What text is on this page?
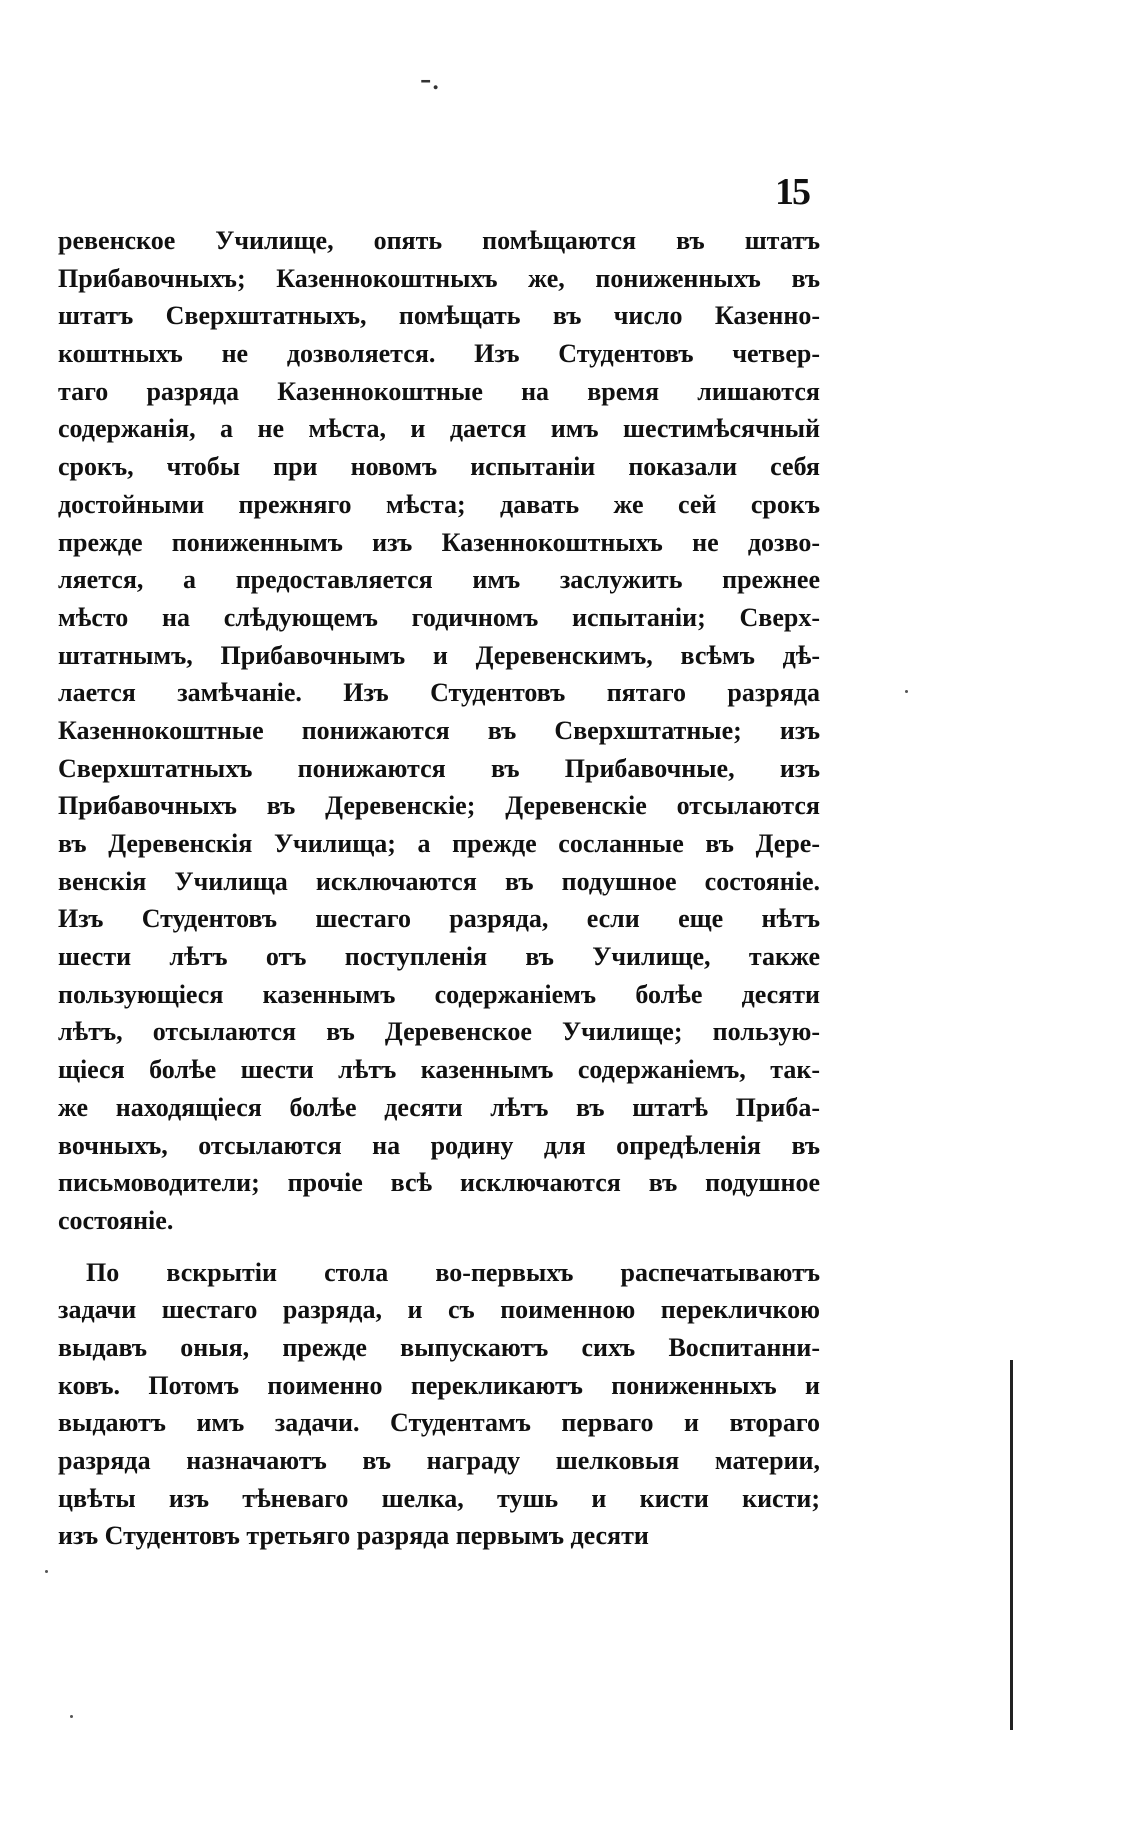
-.
15
ревенское Училище, опять помѣщаются въ штатъ
Прибавочныхъ; Казеннокоштныхъ же, пониженныхъ въ
штатъ Сверхштатныхъ, помѣщать въ число Казенно-
коштныхъ не дозволяется. Изъ Студентовъ четвер-
таго разряда Казеннокоштные на время лишаются
содержанія, а не мѣста, и дается имъ шестимѣсячный
срокъ, чтобы при новомъ испытаніи показали себя
достойными прежняго мѣста; давать же сей срокъ
прежде пониженнымъ изъ Казеннокоштныхъ не дозво-
ляется, а предоставляется имъ заслужить прежнее
мѣсто на слѣдующемъ годичномъ испытаніи; Сверх-
штатнымъ, Прибавочнымъ и Деревенскимъ, всѣмъ дѣ-
лается замѣчаніе. Изъ Студентовъ пятаго разряда
Казеннокоштные понижаются въ Сверхштатные; изъ
Сверхштатныхъ понижаются въ Прибавочные, изъ
Прибавочныхъ въ Деревенскіе; Деревенскіе отсылаются
въ Деревенскія Училища; а прежде сосланные въ Дере-
венскія Училища исключаются въ подушное состояніе.
Изъ Студентовъ шестаго разряда, если еще нѣтъ
шести лѣтъ отъ поступленія въ Училище, также
пользующіеся казеннымъ содержаніемъ болѣе десяти
лѣтъ, отсылаются въ Деревенское Училище; пользую-
щіеся болѣе шести лѣтъ казеннымъ содержаніемъ, так-
же находящіеся болѣе десяти лѣтъ въ штатѣ Приба-
вочныхъ, отсылаются на родину для опредѣленія въ
письмоводители; прочіе всѣ исключаются въ подушное
состояніе.
По вскрытіи стола во-первыхъ распечатываютъ
задачи шестаго разряда, и съ поименною перекличкою
выдавъ оныя, прежде выпускаютъ сихъ Воспитанни-
ковъ. Потомъ поименно перекликаютъ пониженныхъ и
выдаютъ имъ задачи. Студентамъ перваго и втораго
разряда назначаютъ въ награду шелковыя материи,
цвѣты изъ тѣневаго шелка, тушь и кисти кисти;
изъ Студентовъ третьяго разряда первымъ десяти
